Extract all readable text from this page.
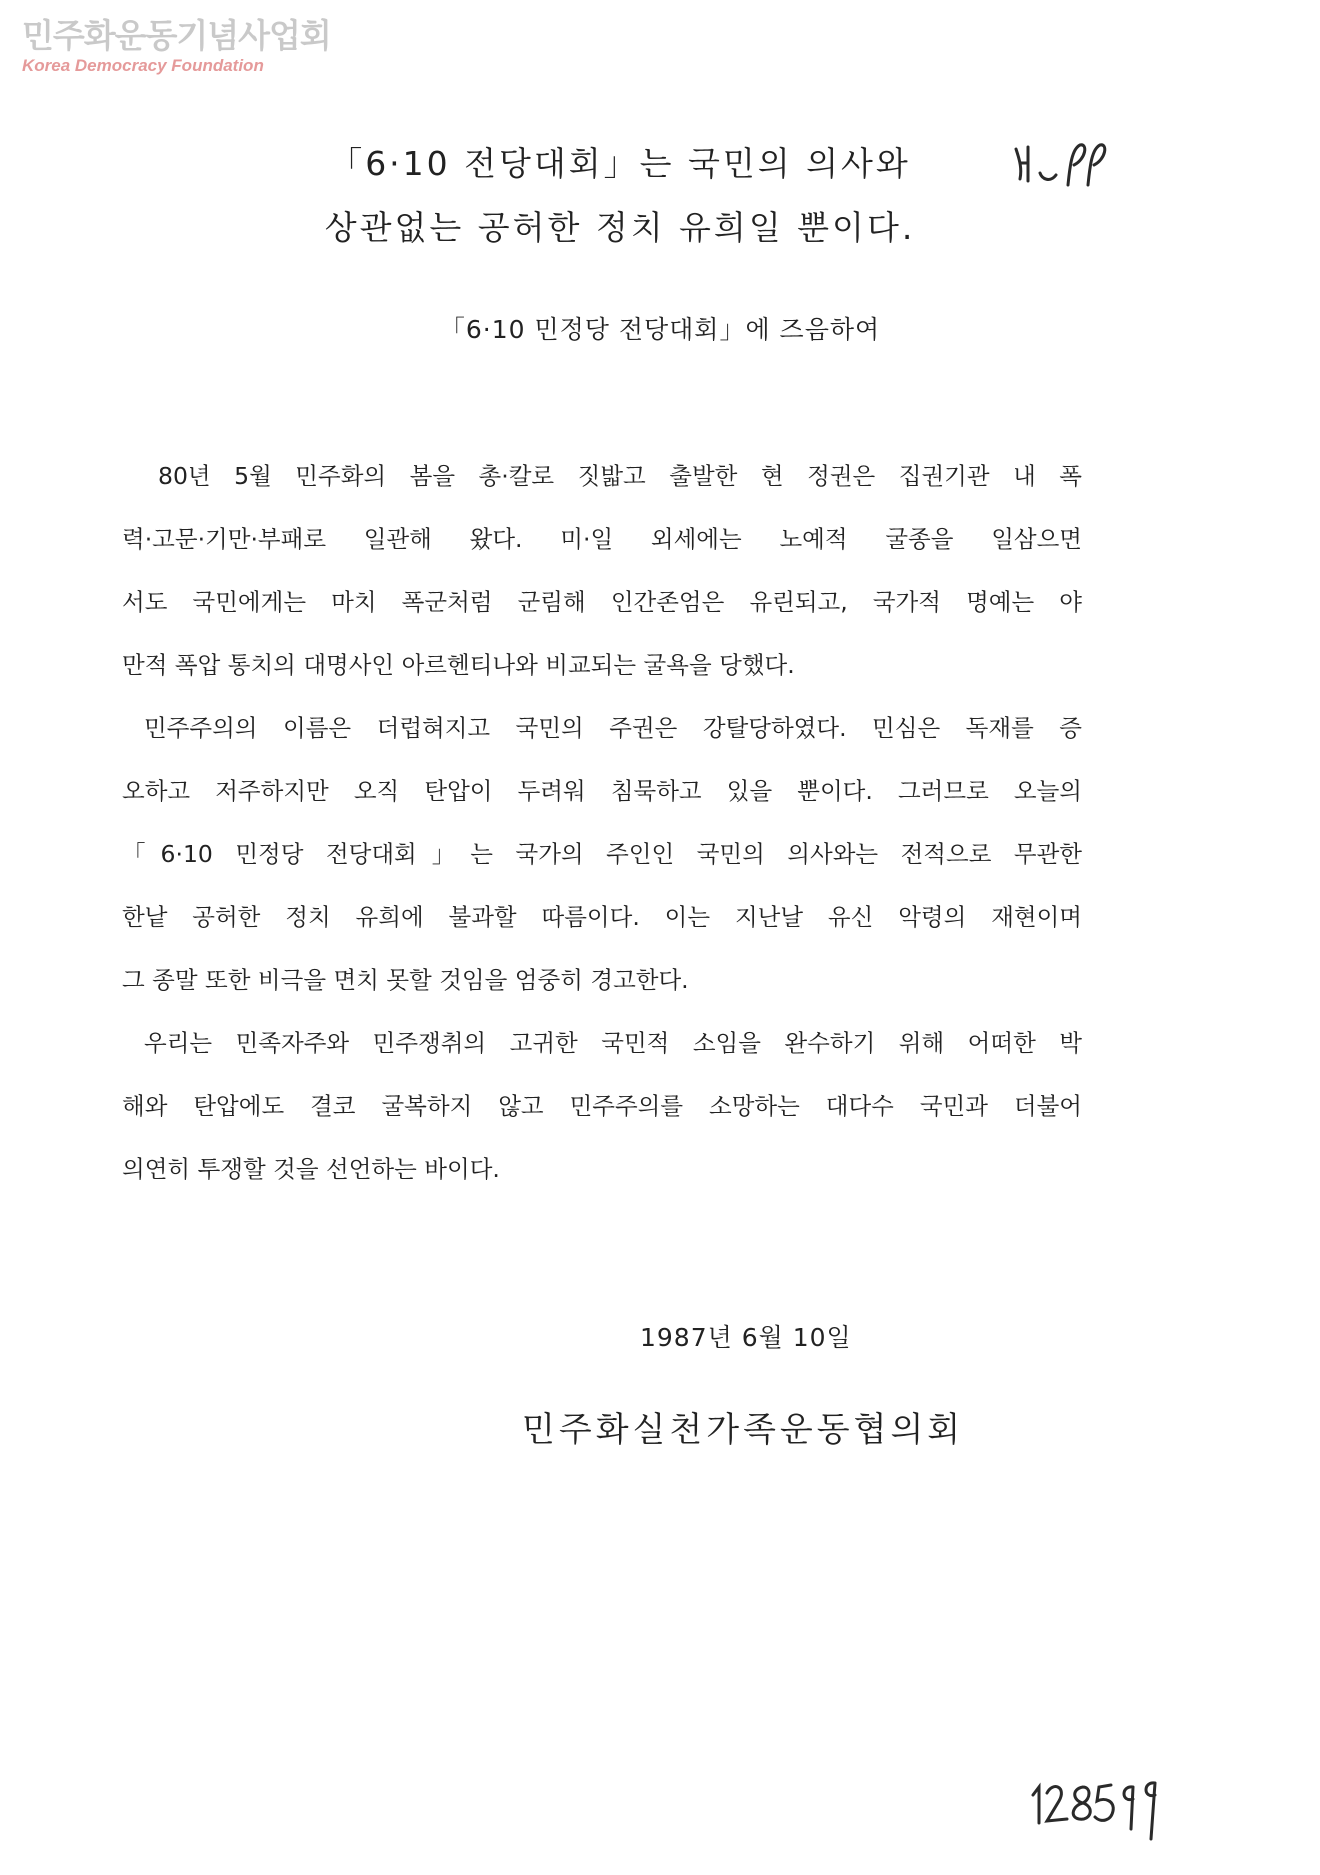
민주화운동기념사업회
Korea Democracy Foundation
「6·10 전당대회」는 국민의 의사와
상관없는 공허한 정치 유희일 뿐이다.
「6·10 민정당 전당대회」에 즈음하여
80년 5월 민주화의 봄을 총·칼로 짓밟고 출발한 현 정권은 집권기관 내 폭
력·고문·기만·부패로 일관해 왔다. 미·일 외세에는 노예적 굴종을 일삼으면
서도 국민에게는 마치 폭군처럼 군림해 인간존엄은 유린되고, 국가적 명예는 야
만적 폭압 통치의 대명사인 아르헨티나와 비교되는 굴욕을 당했다.
민주주의의 이름은 더럽혀지고 국민의 주권은 강탈당하였다. 민심은 독재를 증
오하고 저주하지만 오직 탄압이 두려워 침묵하고 있을 뿐이다. 그러므로 오늘의
「6·10 민정당 전당대회」는 국가의 주인인 국민의 의사와는 전적으로 무관한
한낱 공허한 정치 유희에 불과할 따름이다. 이는 지난날 유신 악령의 재현이며
그 종말 또한 비극을 면치 못할 것임을 엄중히 경고한다.
우리는 민족자주와 민주쟁취의 고귀한 국민적 소임을 완수하기 위해 어떠한 박
해와 탄압에도 결코 굴복하지 않고 민주주의를 소망하는 대다수 국민과 더불어
의연히 투쟁할 것을 선언하는 바이다.
1987년 6월 10일
민주화실천가족운동협의회
